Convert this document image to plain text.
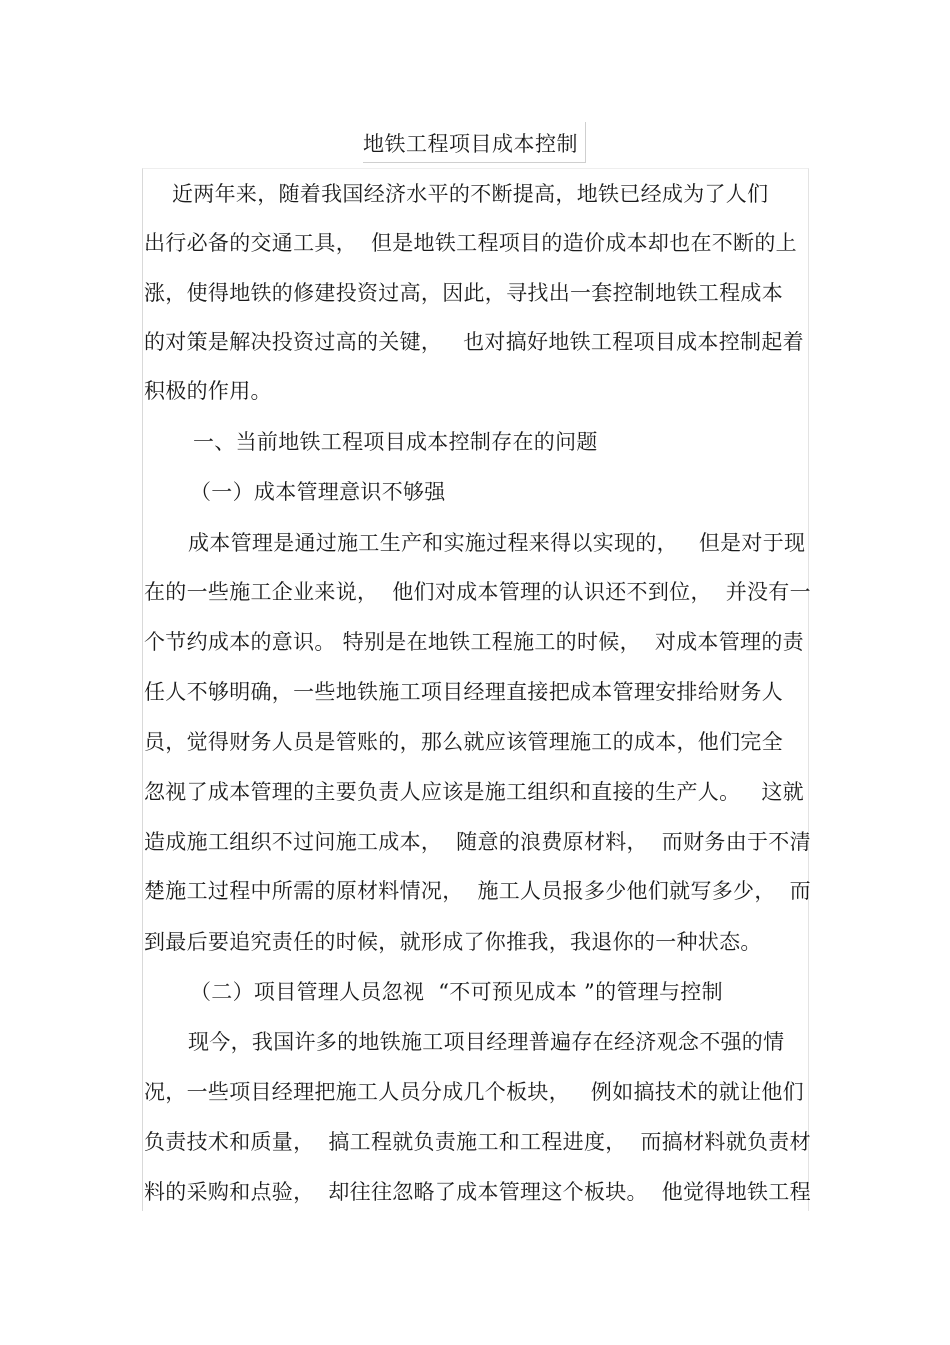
地铁工程项目成本控制
近两年来，随着我国经济水平的不断提高，地铁已经成为了人们
出行必备的交通工具，  但是地铁工程项目的造价成本却也在不断的上
涨，使得地铁的修建投资过高，因此，寻找出一套控制地铁工程成本
的对策是解决投资过高的关键，   也对搞好地铁工程项目成本控制起着
积极的作用。
一、当前地铁工程项目成本控制存在的问题
（一）成本管理意识不够强
成本管理是通过施工生产和实施过程来得以实现的，   但是对于现
在的一些施工企业来说，  他们对成本管理的认识还不到位，  并没有一
个节约成本的意识。 特别是在地铁工程施工的时候，  对成本管理的责
任人不够明确，一些地铁施工项目经理直接把成本管理安排给财务人
员，觉得财务人员是管账的，那么就应该管理施工的成本，他们完全
忽视了成本管理的主要负责人应该是施工组织和直接的生产人。   这就
造成施工组织不过问施工成本，  随意的浪费原材料，  而财务由于不清
楚施工过程中所需的原材料情况，  施工人员报多少他们就写多少，  而
到最后要追究责任的时候，就形成了你推我，我退你的一种状态。
（二）项目管理人员忽视  “不可预见成本 ”的管理与控制
现今，我国许多的地铁施工项目经理普遍存在经济观念不强的情
况，一些项目经理把施工人员分成几个板块，   例如搞技术的就让他们
负责技术和质量，  搞工程就负责施工和工程进度，  而搞材料就负责材
料的采购和点验，  却往往忽略了成本管理这个板块。  他觉得地铁工程
